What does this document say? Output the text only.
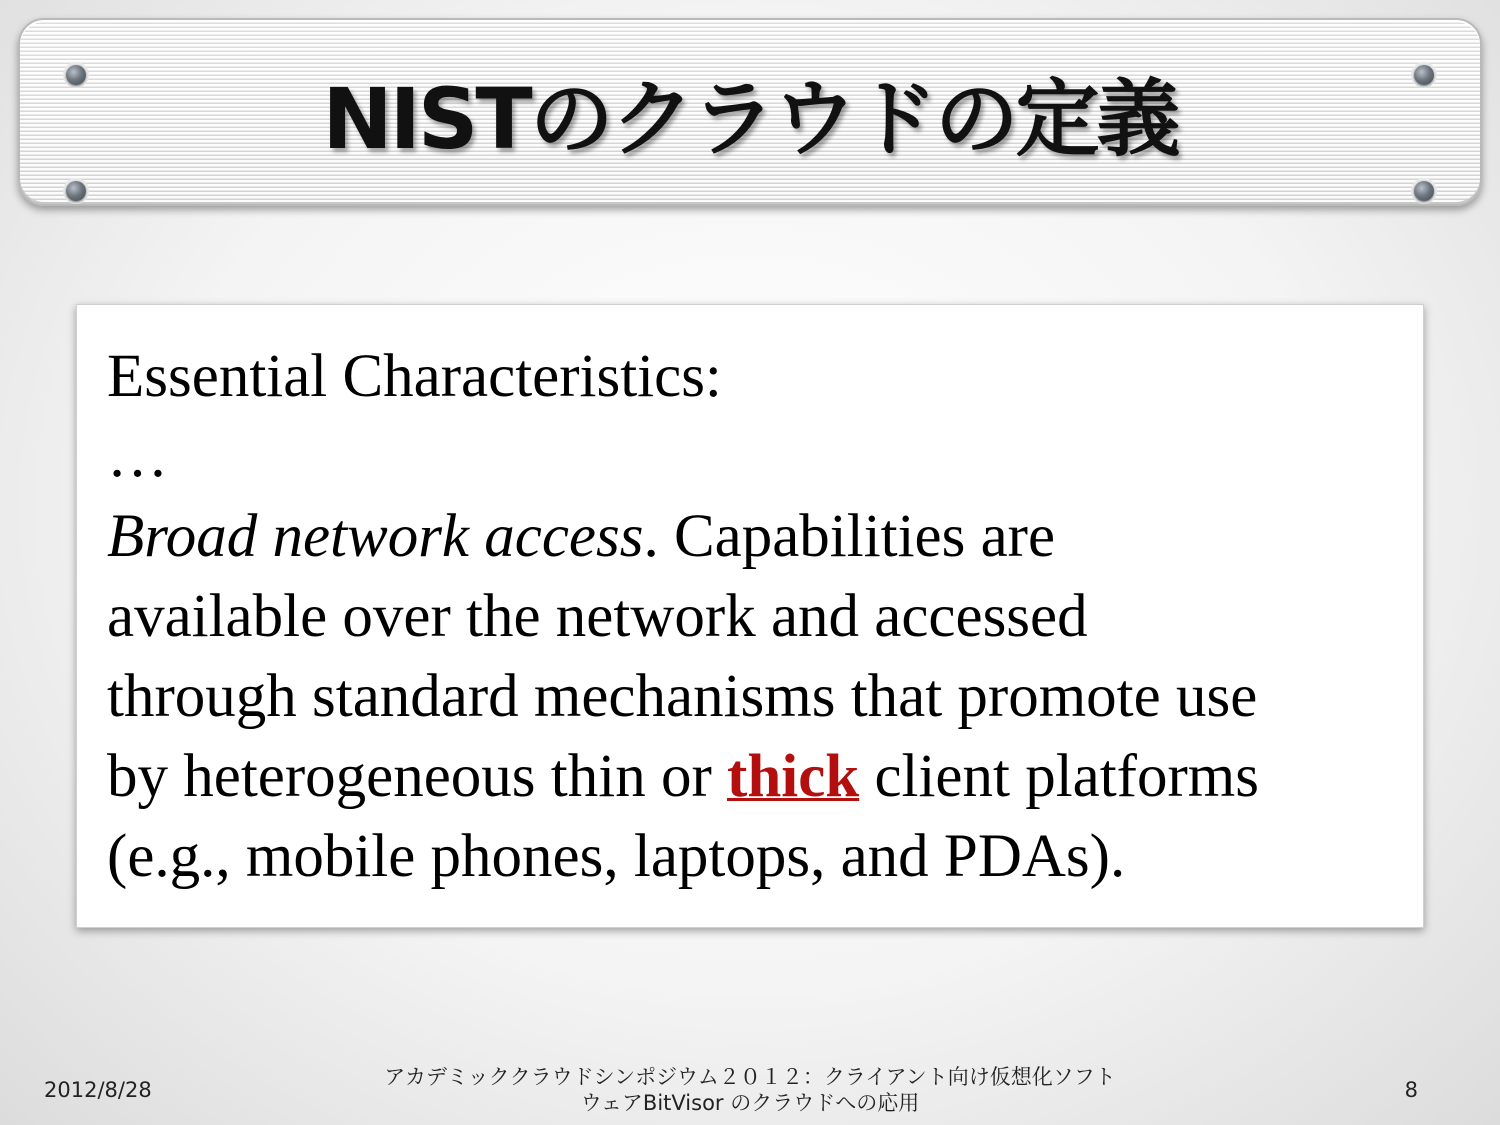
NISTのクラウドの定義

Essential Characteristics:

…

Broad network access. Capabilities are

available over the network and accessed

through standard mechanisms that promote use

by heterogeneous thin or thick client platforms

(e.g., mobile phones, laptops, and PDAs).

2012/8/28
アカデミッククラウドシンポジウム２０１２：クライアント向け仮想化ソフト
ウェアBitVisor のクラウドへの応用
8
